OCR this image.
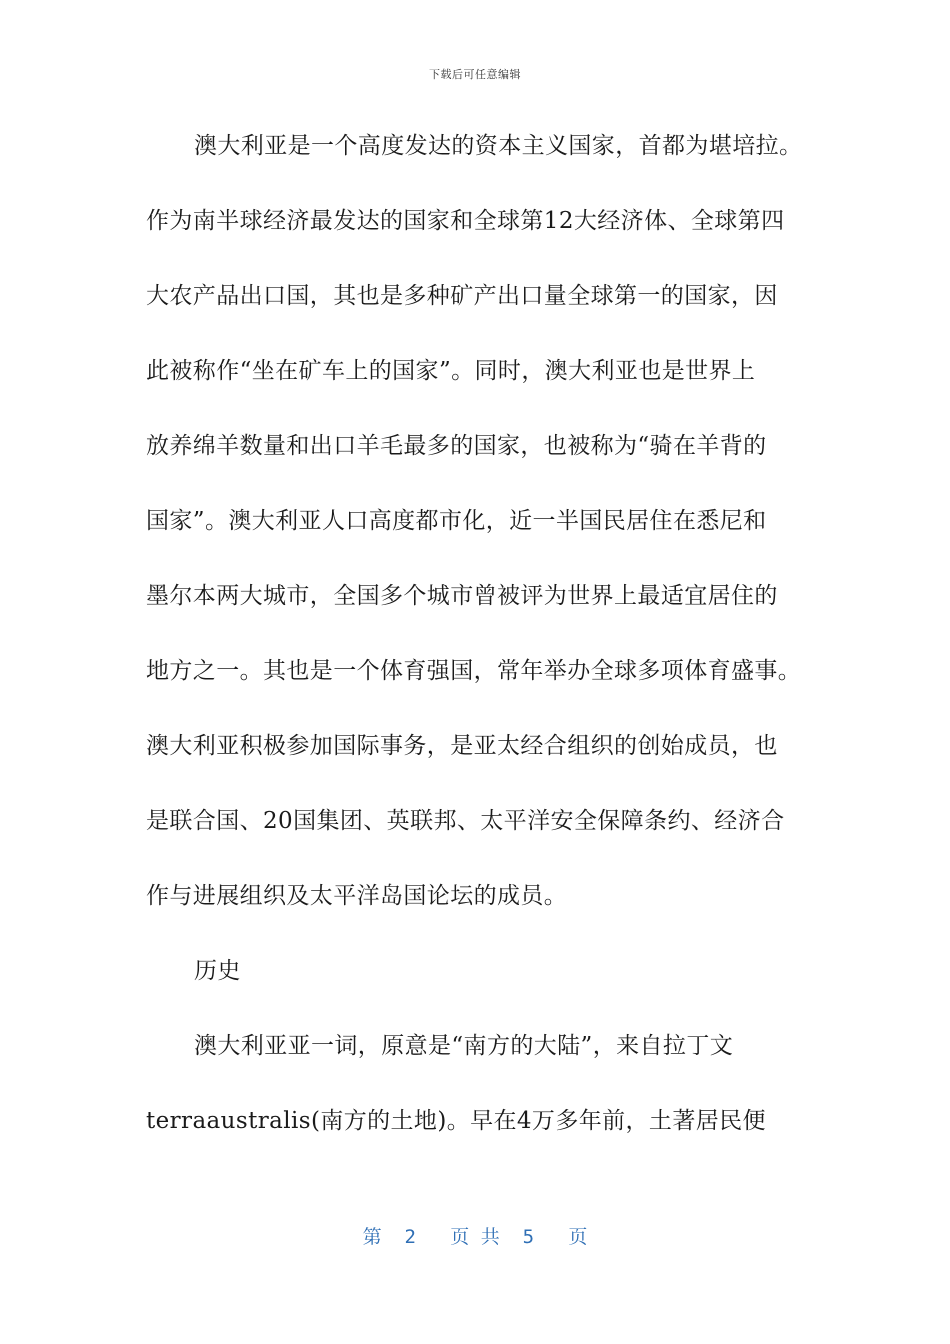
下载后可任意编辑
澳大利亚是一个高度发达的资本主义国家，首都为堪培拉。
作为南半球经济最发达的国家和全球第12大经济体、全球第四
大农产品出口国，其也是多种矿产出口量全球第一的国家，因
此被称作“坐在矿车上的国家”。同时，澳大利亚也是世界上
放养绵羊数量和出口羊毛最多的国家，也被称为“骑在羊背的
国家”。澳大利亚人口高度都市化，近一半国民居住在悉尼和
墨尔本两大城市，全国多个城市曾被评为世界上最适宜居住的
地方之一。其也是一个体育强国，常年举办全球多项体育盛事。
澳大利亚积极参加国际事务，是亚太经合组织的创始成员，也
是联合国、20国集团、英联邦、太平洋安全保障条约、经济合
作与进展组织及太平洋岛国论坛的成员。
历史
澳大利亚亚一词，原意是“南方的大陆”，来自拉丁文
terraaustralis(南方的土地)。早在4万多年前，土著居民便
第  2   页 共  5   页
